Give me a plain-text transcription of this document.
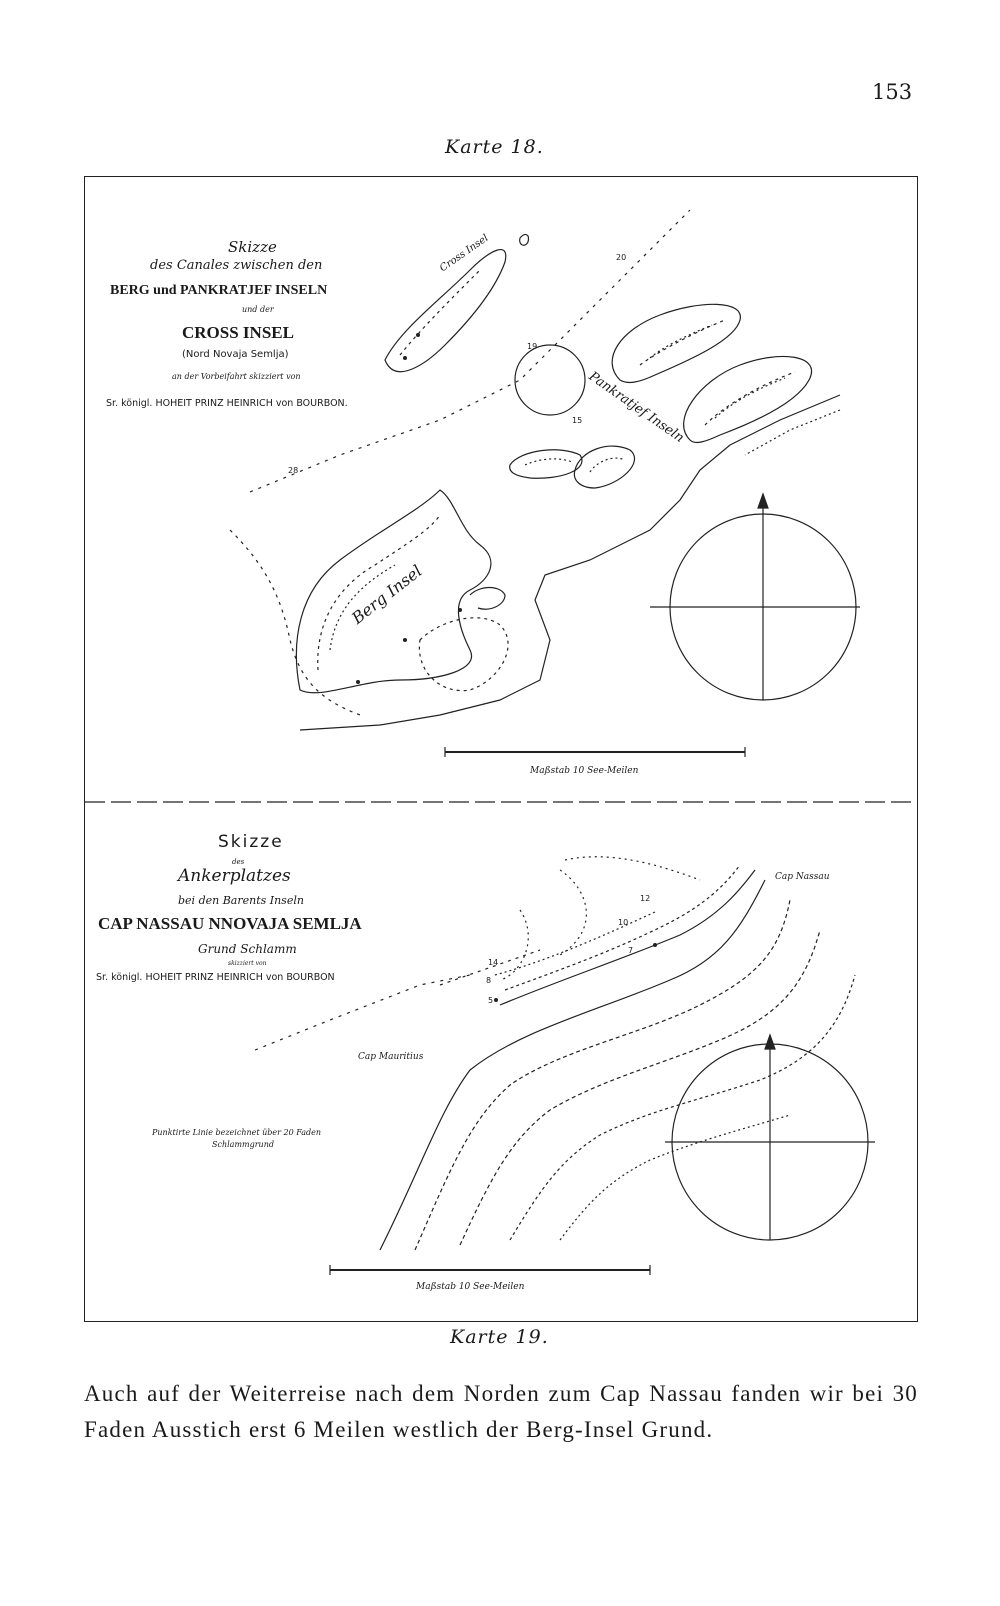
153
Karte 18.
Skizze
des Canales zwischen den
BERG und PANKRATJEF INSELN
und der
CROSS INSEL
(Nord Novaja Semlja)
an der Vorbeifahrt skizziert von
Sr. königl. HOHEIT PRINZ HEINRICH von BOURBON.
Cross Insel
Pankratjef Inseln
Berg Insel
20
19
15
28
Maßstab 10 See-Meilen
Skizze
des
Ankerplatzes
bei den Barents Inseln
CAP NASSAU NNOVAJA SEMLJA
Grund Schlamm
skizziert von
Sr. königl. HOHEIT PRINZ HEINRICH von BOURBON
Cap Nassau
Cap Mauritius
Punktirte Linie bezeichnet über 20 Faden
Schlammgrund
12
10
7
14
8
5
Maßstab 10 See-Meilen
Karte 19.
Auch auf der Weiterreise nach dem Norden zum Cap Nassau fanden wir bei 30 Faden Ausstich erst 6 Meilen westlich der Berg-Insel Grund.
